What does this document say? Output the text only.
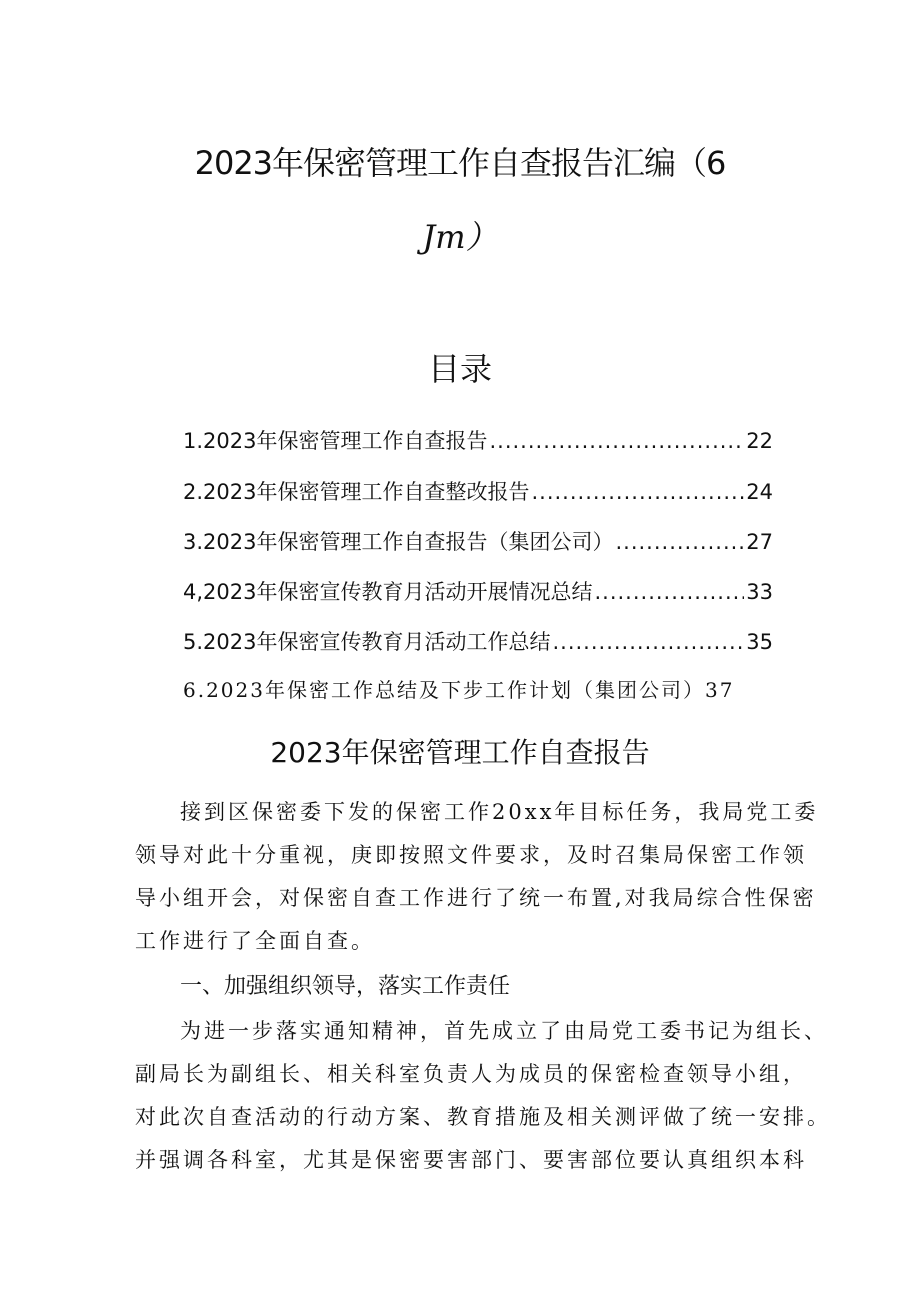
2023年保密管理工作自查报告汇编（6
Jm）
目录
1.2023年保密管理工作自查报告 .....	22
2.2023年保密管理工作自查整改报告 .....	24
3.2023年保密管理工作自查报告（集团公司） .....	27
4,2023年保密宣传教育月活动开展情况总结 .....	33
5.2023年保密宣传教育月活动工作总结 .....	35
6.2023年保密工作总结及下步工作计划（集团公司）37
2023年保密管理工作自查报告
接到区保密委下发的保密工作20xx年目标任务，我局党工委
领导对此十分重视，庚即按照文件要求，及时召集局保密工作领
导小组开会，对保密自查工作进行了统一布置,对我局综合性保密
工作进行了全面自查。
一、加强组织领导，落实工作责任
为进一步落实通知精神，首先成立了由局党工委书记为组长、
副局长为副组长、相关科室负责人为成员的保密检查领导小组，
对此次自查活动的行动方案、教育措施及相关测评做了统一安排。
并强调各科室，尤其是保密要害部门、要害部位要认真组织本科
